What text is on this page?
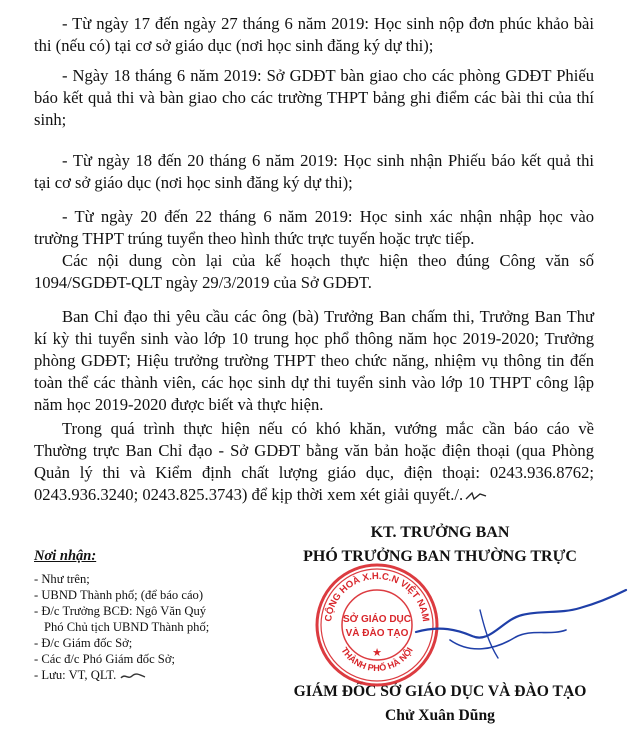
- Từ ngày 17 đến ngày 27 tháng 6 năm 2019: Học sinh nộp đơn phúc khảo bài
thi (nếu có) tại cơ sở giáo dục (nơi học sinh đăng ký dự thi);
- Ngày 18 tháng 6 năm 2019: Sở GDĐT bàn giao cho các phòng GDĐT Phiếu
báo kết quả thi và bàn giao cho các trường THPT bảng ghi điểm các bài thi của thí
sinh;
- Từ ngày 18 đến 20 tháng 6 năm 2019: Học sinh nhận Phiếu báo kết quả thi
tại cơ sở giáo dục (nơi học sinh đăng ký dự thi);
- Từ ngày 20 đến 22 tháng 6 năm 2019: Học sinh xác nhận nhập học vào
trường THPT trúng tuyển theo hình thức trực tuyến hoặc trực tiếp.
Các nội dung còn lại của kế hoạch thực hiện theo đúng Công văn số
1094/SGDĐT-QLT ngày 29/3/2019 của Sở GDĐT.
Ban Chỉ đạo thi yêu cầu các ông (bà) Trưởng Ban chấm thi, Trưởng Ban Thư
kí kỳ thi tuyển sinh vào lớp 10 trung học phổ thông năm học 2019-2020; Trưởng
phòng GDĐT; Hiệu trưởng trường THPT theo chức năng, nhiệm vụ thông tin đến
toàn thể các thành viên, các học sinh dự thi tuyển sinh vào lớp 10 THPT công lập
năm học 2019-2020 được biết và thực hiện.
Trong quá trình thực hiện nếu có khó khăn, vướng mắc cần báo cáo về
Thường trực Ban Chỉ đạo - Sở GDĐT bằng văn bản hoặc điện thoại (qua Phòng
Quản lý thi và Kiểm định chất lượng giáo dục, điện thoại: 0243.936.8762;
0243.936.3240; 0243.825.3743) để kịp thời xem xét giải quyết./.
Nơi nhận:
- Như trên;
- UBND Thành phố; (để báo cáo)
- Đ/c Trưởng BCĐ: Ngô Văn Quý
Phó Chủ tịch UBND Thành phố;
- Đ/c Giám đốc Sở;
- Các đ/c Phó Giám đốc Sở;
- Lưu: VT, QLT.
KT. TRƯỞNG BAN
PHÓ TRƯỞNG BAN THƯỜNG TRỰC
GIÁM ĐỐC SỞ GIÁO DỤC VÀ ĐÀO TẠO
Chử Xuân Dũng
CỘNG HOÀ X.H.C.N VIỆT NAM
THÀNH PHỐ HÀ NỘI
SỞ GIÁO DỤC
VÀ ĐÀO TẠO
★
